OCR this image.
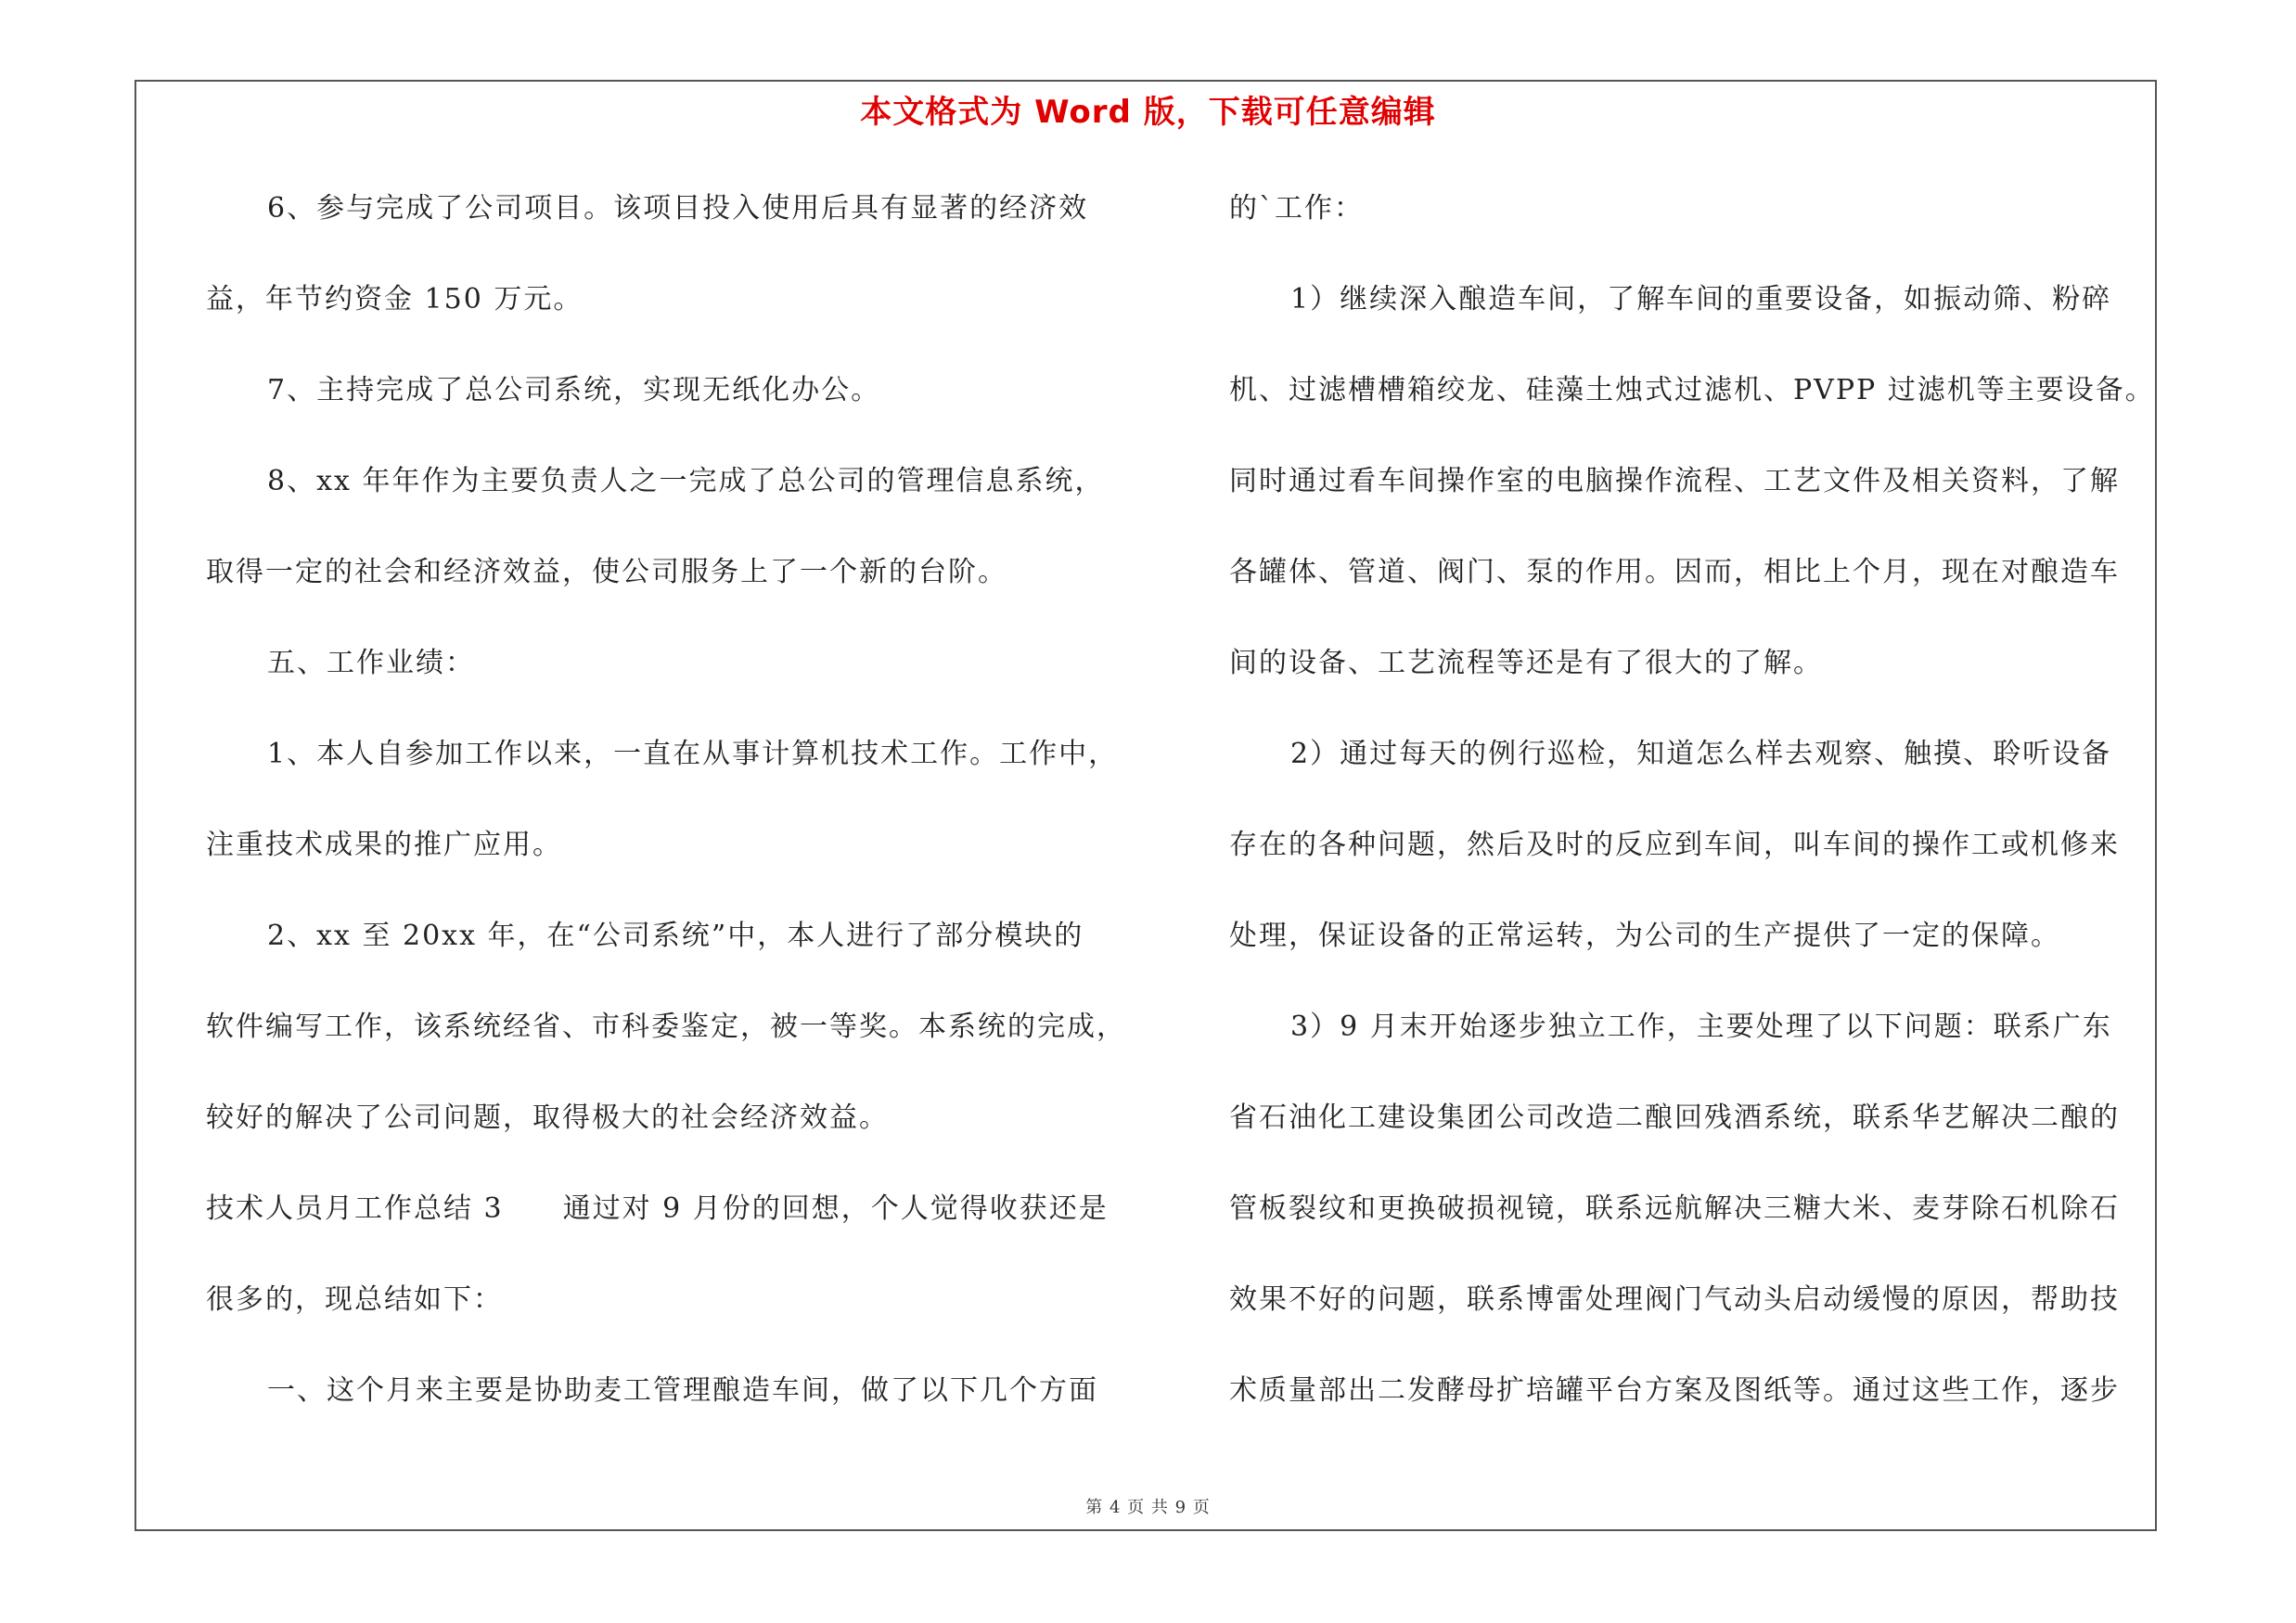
本文格式为 Word 版，下载可任意编辑
6、参与完成了公司项目。该项目投入使用后具有显著的经济效
益，年节约资金 150 万元。
7、主持完成了总公司系统，实现无纸化办公。
8、xx 年年作为主要负责人之一完成了总公司的管理信息系统，
取得一定的社会和经济效益，使公司服务上了一个新的台阶。
五、工作业绩：
1、本人自参加工作以来，一直在从事计算机技术工作。工作中，
注重技术成果的推广应用。
2、xx 至 20xx 年，在“公司系统”中，本人进行了部分模块的
软件编写工作，该系统经省、市科委鉴定，被一等奖。本系统的完成，
较好的解决了公司问题，取得极大的社会经济效益。
技术人员月工作总结 3　　通过对 9 月份的回想，个人觉得收获还是
很多的，现总结如下：
一、这个月来主要是协助麦工管理酿造车间，做了以下几个方面
的`工作：
1）继续深入酿造车间，了解车间的重要设备，如振动筛、粉碎
机、过滤槽槽箱绞龙、硅藻土烛式过滤机、PVPP 过滤机等主要设备。
同时通过看车间操作室的电脑操作流程、工艺文件及相关资料，了解
各罐体、管道、阀门、泵的作用。因而，相比上个月，现在对酿造车
间的设备、工艺流程等还是有了很大的了解。
2）通过每天的例行巡检，知道怎么样去观察、触摸、聆听设备
存在的各种问题，然后及时的反应到车间，叫车间的操作工或机修来
处理，保证设备的正常运转，为公司的生产提供了一定的保障。
3）9 月末开始逐步独立工作，主要处理了以下问题：联系广东
省石油化工建设集团公司改造二酿回残酒系统，联系华艺解决二酿的
管板裂纹和更换破损视镜，联系远航解决三糖大米、麦芽除石机除石
效果不好的问题，联系博雷处理阀门气动头启动缓慢的原因，帮助技
术质量部出二发酵母扩培罐平台方案及图纸等。通过这些工作，逐步
第 4 页 共 9 页
